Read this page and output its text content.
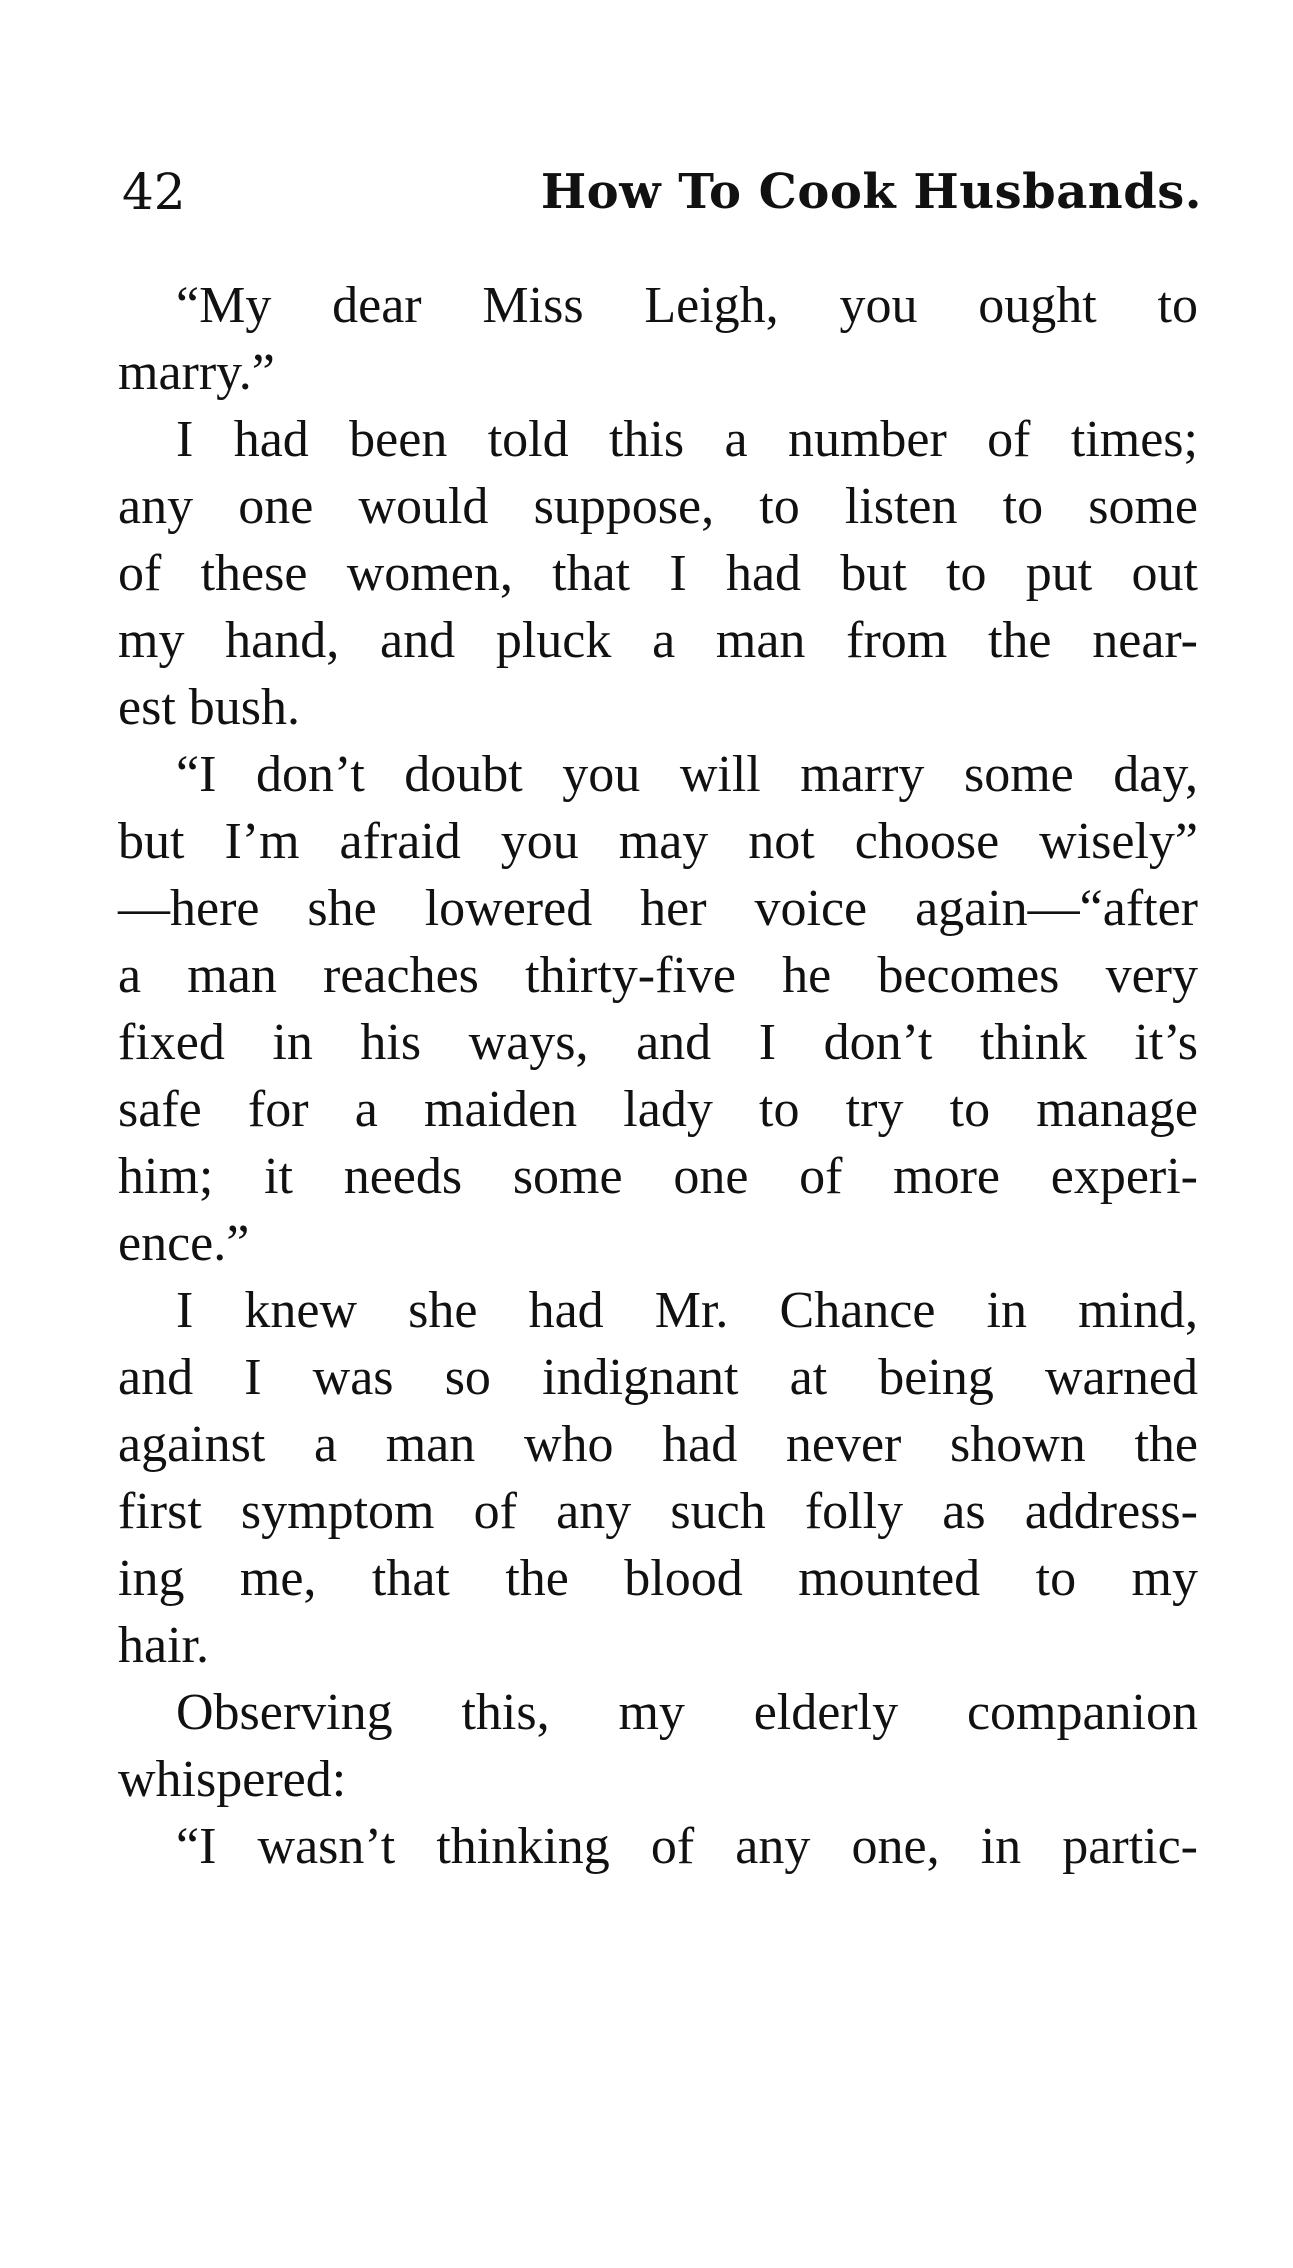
42	How To Cook Husbands.

“My dear Miss Leigh, you ought to
marry.”

I had been told this a number of times;
any one would suppose, to listen to some
of these women, that I had but to put out
my hand, and pluck a man from the near-
est bush.

“I don’t doubt you will marry some day,
but I’m afraid you may not choose wisely”
—here she lowered her voice again—“after
a man reaches thirty-five he becomes very
fixed in his ways, and I don’t think it’s
safe for a maiden lady to try to manage
him; it needs some one of more experi-
ence.”

I knew she had Mr. Chance in mind,
and I was so indignant at being warned
against a man who had never shown the
first symptom of any such folly as address-
ing me, that the blood mounted to my
hair.

Observing this, my elderly companion
whispered:

“I wasn’t thinking of any one, in partic-
